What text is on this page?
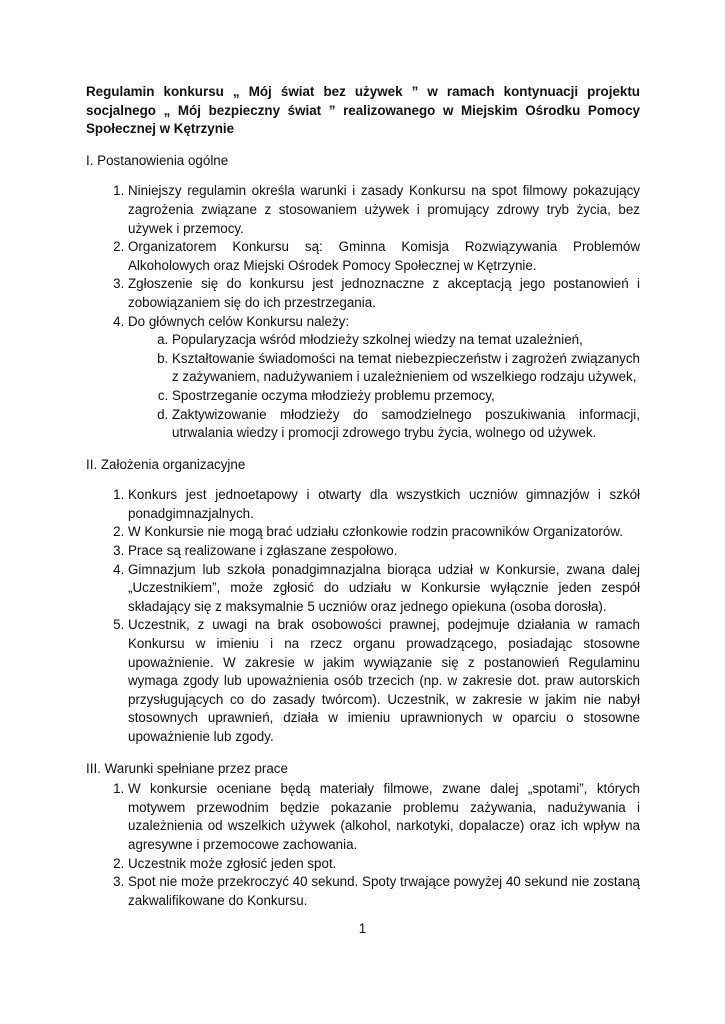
Regulamin konkursu „ Mój świat bez używek ” w ramach kontynuacji projektu socjalnego „ Mój bezpieczny świat ” realizowanego w Miejskim Ośrodku Pomocy Społecznej w Kętrzynie
I. Postanowienia ogólne
1. Niniejszy regulamin określa warunki i zasady Konkursu na spot filmowy pokazujący zagrożenia związane z stosowaniem używek i promujący zdrowy tryb życia, bez używek i przemocy.
2. Organizatorem Konkursu są: Gminna Komisja Rozwiązywania Problemów Alkoholowych oraz Miejski Ośrodek Pomocy Społecznej w Kętrzynie.
3. Zgłoszenie się do konkursu jest jednoznaczne z akceptacją jego postanowień i zobowiązaniem się do ich przestrzegania.
4. Do głównych celów Konkursu należy:
a. Popularyzacja wśród młodzieży szkolnej wiedzy na temat uzależnień,
b. Kształtowanie świadomości na temat niebezpieczeństw i zagrożeń związanych z zażywaniem, nadużywaniem i uzależnieniem od wszelkiego rodzaju używek,
c. Spostrzeganie oczyma młodzieży problemu przemocy,
d. Zaktywizowanie młodzieży do samodzielnego poszukiwania informacji, utrwalania wiedzy i promocji zdrowego trybu życia, wolnego od używek.
II. Założenia organizacyjne
1. Konkurs jest jednoetapowy i otwarty dla wszystkich uczniów gimnazjów i szkół ponadgimnazjalnych.
2. W Konkursie nie mogą brać udziału członkowie rodzin pracowników Organizatorów.
3. Prace są realizowane i zgłaszane zespołowo.
4. Gimnazjum lub szkoła ponadgimnazjalna biorąca udział w Konkursie, zwana dalej „Uczestnikiem”, może zgłosić do udziału w Konkursie wyłącznie jeden zespół składający się z maksymalnie 5 uczniów oraz jednego opiekuna (osoba dorosła).
5. Uczestnik, z uwagi na brak osobowości prawnej, podejmuje działania w ramach Konkursu w imieniu i na rzecz organu prowadzącego, posiadając stosowne upoważnienie. W zakresie w jakim wywiązanie się z postanowień Regulaminu wymaga zgody lub upoważnienia osób trzecich (np. w zakresie dot. praw autorskich przysługujących co do zasady twórcom). Uczestnik, w zakresie w jakim nie nabył stosownych uprawnień, działa w imieniu uprawnionych w oparciu o stosowne upoważnienie lub zgody.
III. Warunki spełniane przez prace
1. W konkursie oceniane będą materiały filmowe, zwane dalej „spotami”, których motywem przewodnim będzie pokazanie problemu zażywania, nadużywania i uzależnienia od wszelkich używek (alkohol, narkotyki, dopalacze) oraz ich wpływ na agresywne i przemocowe zachowania.
2. Uczestnik może zgłosić jeden spot.
3. Spot nie może przekroczyć 40 sekund. Spoty trwające powyżej 40 sekund nie zostaną zakwalifikowane do Konkursu.
1
